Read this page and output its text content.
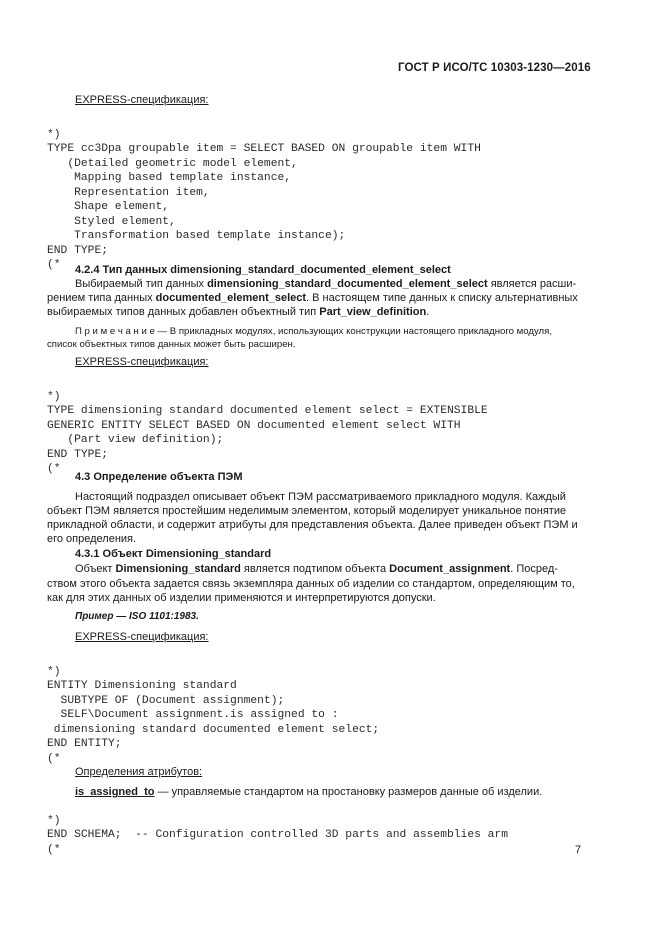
ГОСТ Р ИСО/ТС 10303-1230—2016
EXPRESS-спецификация:

*)
TYPE cc3Dpa groupable item = SELECT BASED ON groupable item WITH
(Detailed geometric model element,
Mapping based template instance,
Representation item,
Shape element,
Styled element,
Transformation based template instance);
END TYPE;
(*	4.2.4 Тип данных dimensioning_standard_documented_element_select
Выбираемый тип данных dimensioning_standard_documented_element_select является расши-
рением типа данных documented_element_select. В настоящем типе данных к списку альтернативных
выбираемых типов данных добавлен объектный тип Part_view_definition.
П р и м е ч а н и е — В прикладных модулях, использующих конструкции настоящего прикладного модуля,
список объектных типов данных может быть расширен.
EXPRESS-спецификация:

*)
TYPE dimensioning standard documented element select = EXTENSIBLE
GENERIC ENTITY SELECT BASED ON documented element select WITH
(Part view definition);
END TYPE;
(*

4.3 Определение объекта ПЭМ
Настоящий подраздел описывает объект ПЭМ рассматриваемого прикладного модуля. Каждый
объект ПЭМ является простейшим неделимым элементом, который моделирует уникальное понятие
прикладной области, и содержит атрибуты для представления объекта. Далее приведен объект ПЭМ и
его определения.
4.3.1 Объект Dimensioning_standard
Объект Dimensioning_standard является подтипом объекта Document_assignment. Посред-
ством этого объекта задается связь экземпляра данных об изделии со стандартом, определяющим то,
как для этих данных об изделии применяются и интерпретируются допуски.
Пример — ISO 1101:1983.
EXPRESS-спецификация:

*)
ENTITY Dimensioning standard
SUBTYPE OF (Document assignment);
SELF\Document assignment.is assigned to :
dimensioning standard documented element select;
END ENTITY;
(*

Определения атрибутов:
is_assigned_to — управляемые стандартом на простановку размеров данные об изделии.

*)
END SCHEMA;  -- Configuration controlled 3D parts and assemblies arm
(*	7
